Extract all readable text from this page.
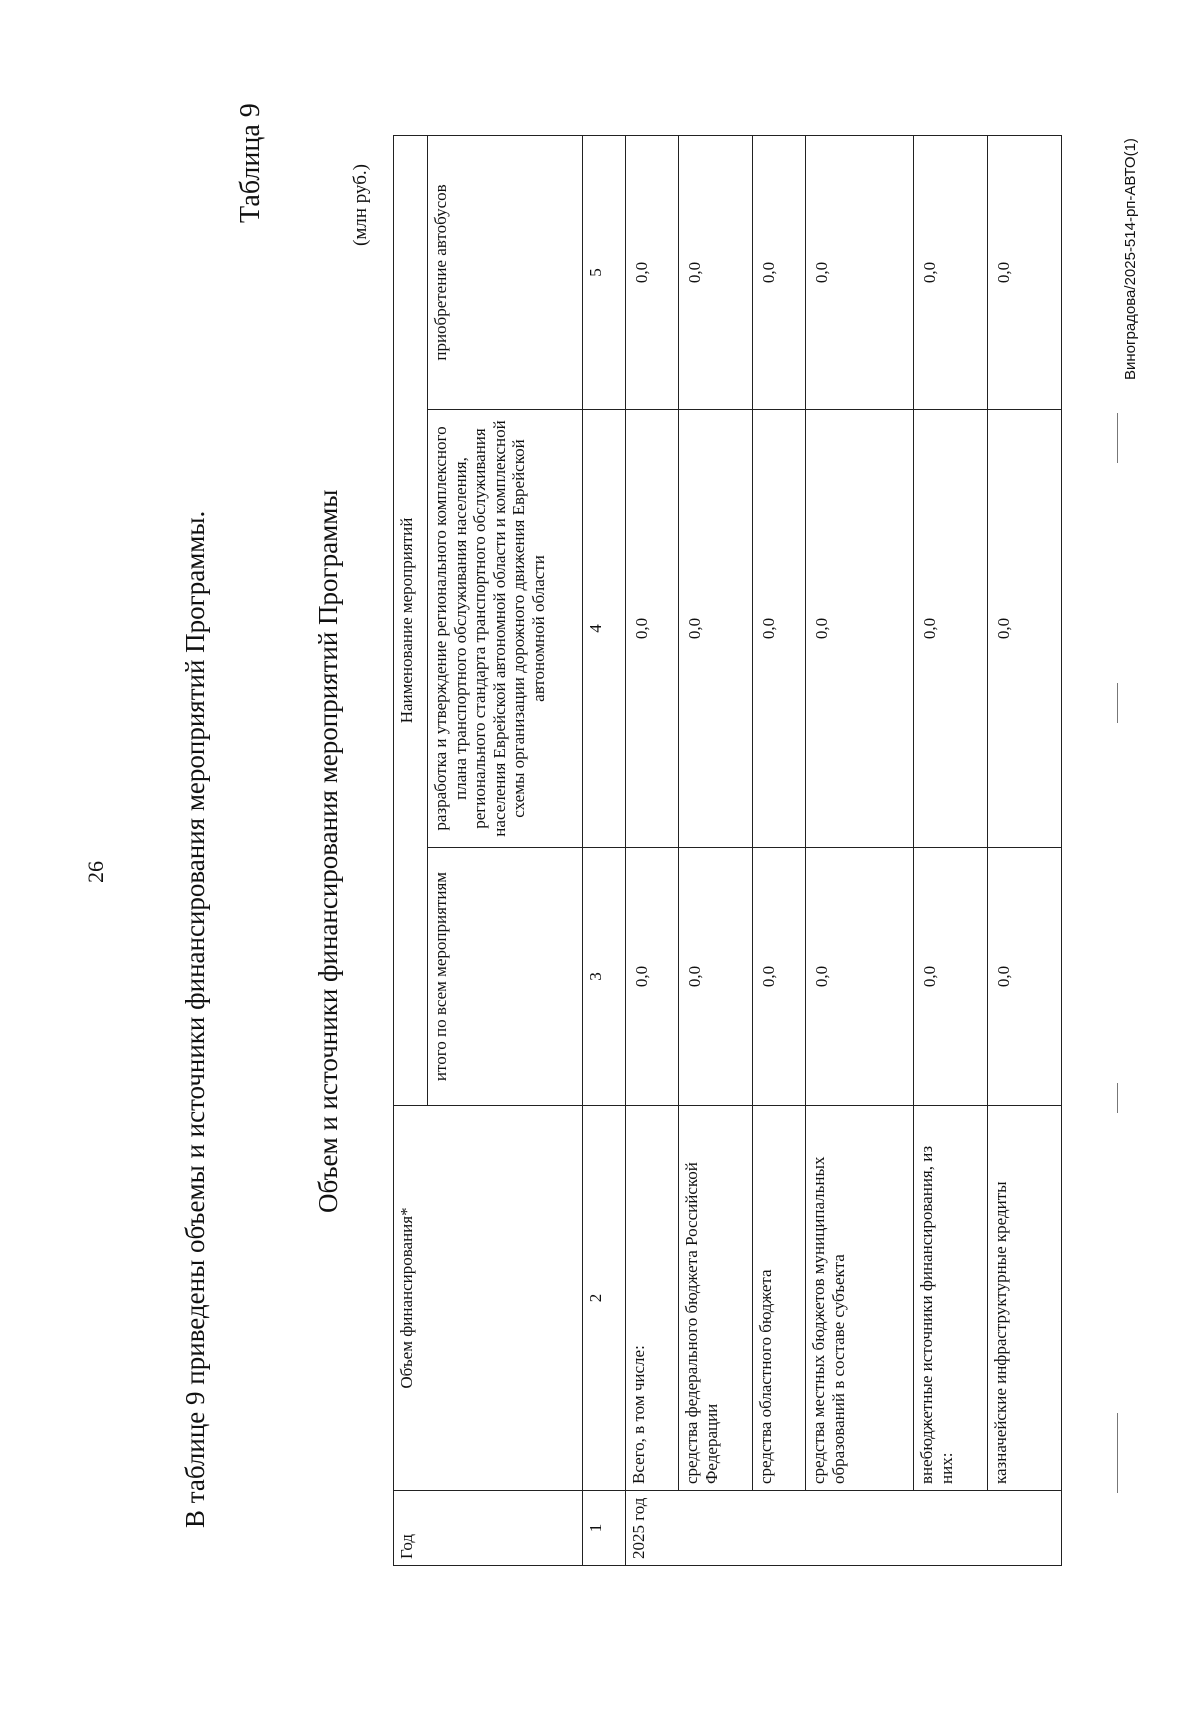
26	В таблице 9 приведены объемы и источники финансирования мероприятий Программы.
Таблица 9
Объем и источники финансирования мероприятий Программы
(млн руб.)
Год	Объем финансирования*	Наименование мероприятий		
		итого по всем мероприятиям	разработка и утверждение регионального комплексного плана транспортного обслуживания населения, регионального стандарта транспортного обслуживания населения Еврейской автономной области и комплексной схемы организации дорожного движения Еврейской автономной области	приобретение автобусов
1	2	3	4	5
2025 год	Всего, в том числе:	0,0	0,0	0,0
	средства федерального бюджета Российской Федерации	0,0	0,0	0,0
	средства областного бюджета	0,0	0,0	0,0
	средства местных бюджетов муниципальных образований в составе субъекта	0,0	0,0	0,0
	внебюджетные источники финансирования, из них:	0,0	0,0	0,0
	казначейские инфраструктурные кредиты	0,0	0,0	0,0	Виноградова/2025-514-рп-АВТО(1)
